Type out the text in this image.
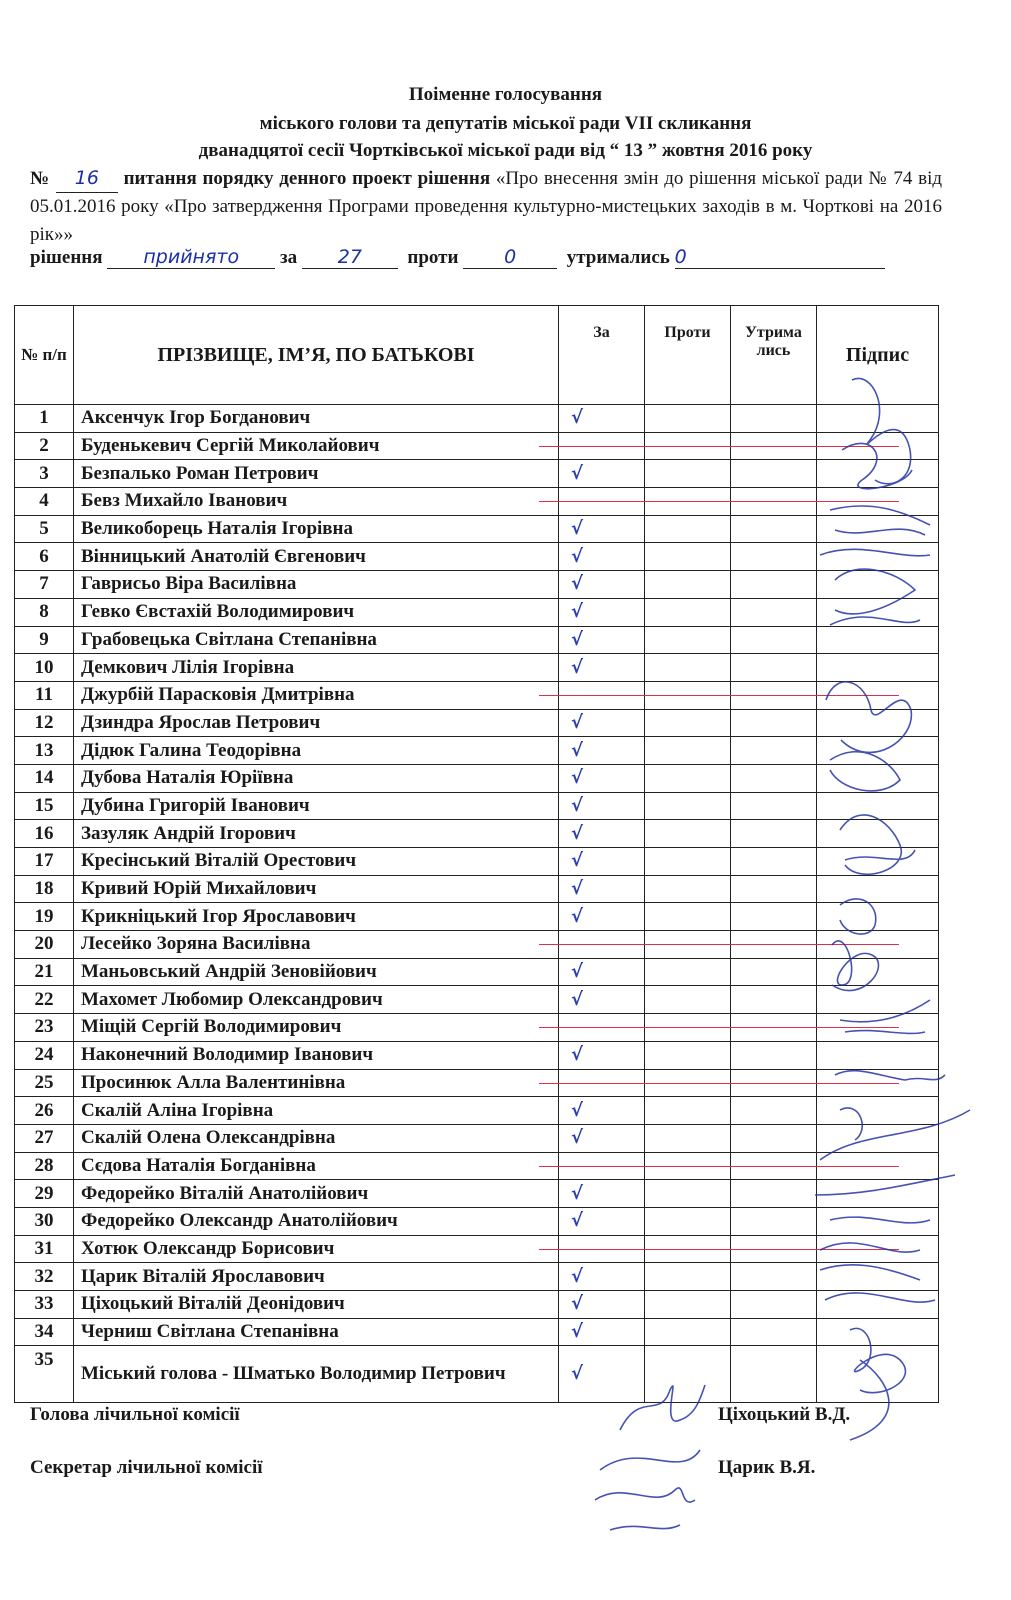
Поіменне голосування
міського голови та депутатів міської ради VII скликання
дванадцятої сесії Чортківської міської ради від “ 13 ” жовтня 2016 року
№ 16 питання порядку денного проект рішення «Про внесення змін до рішення міської ради № 74 від 05.01.2016 року «Про затвердження Програми проведення культурно-мистецьких заходів в м. Чорткові на 2016 рік»»
рішення прийнято за 27 проти 0	утримались 0
№ п/п	ПРІЗВИЩЕ, ІМ’Я, ПО БАТЬКОВІ	За	Проти	Утрима лись	Підпис
1	Аксенчук Ігор Богданович	√			
2	Буденькевич Сергій Миколайович	

3	Безпалько Роман Петрович	√			
4	Бевз Михайло Іванович	

5	Великоборець Наталія Ігорівна	√			
6	Вінницький Анатолій Євгенович	√			
7	Гаврисьо Віра Василівна	√			
8	Гевко Євстахій Володимирович	√			
9	Грабовецька Світлана Степанівна	√			
10	Демкович Лілія Ігорівна	√			
11	Джурбій Парасковія Дмитрівна	

12	Дзиндра Ярослав Петрович	√			
13	Дідюк Галина Теодорівна	√			
14	Дубова Наталія Юріївна	√			
15	Дубина Григорій Іванович	√			
16	Зазуляк Андрій Ігорович	√			
17	Кресінський Віталій Орестович	√			
18	Кривий Юрій Михайлович	√			
19	Крикніцький Ігор Ярославович	√			
20	Лесейко Зоряна Василівна	

21	Маньовський Андрій Зеновійович	√			
22	Махомет Любомир Олександрович	√			
23	Міщій Сергій Володимирович	

24	Наконечний Володимир Іванович	√			
25	Просинюк Алла Валентинівна	

26	Скалій Аліна Ігорівна	√			
27	Скалій Олена Олександрівна	√			
28	Сєдова Наталія Богданівна	

29	Федорейко Віталій Анатолійович	√			
30	Федорейко Олександр Анатолійович	√			
31	Хотюк Олександр Борисович	

32	Царик Віталій Ярославович	√			
33	Ціхоцький Віталій Деонідович	√			
34	Черниш Світлана Степанівна	√			
35	Міський голова - Шматько Володимир Петрович	√			
Голова лічильної комісії	Ціхоцький В.Д.
Секретар лічильної комісії	Царик В.Я.
